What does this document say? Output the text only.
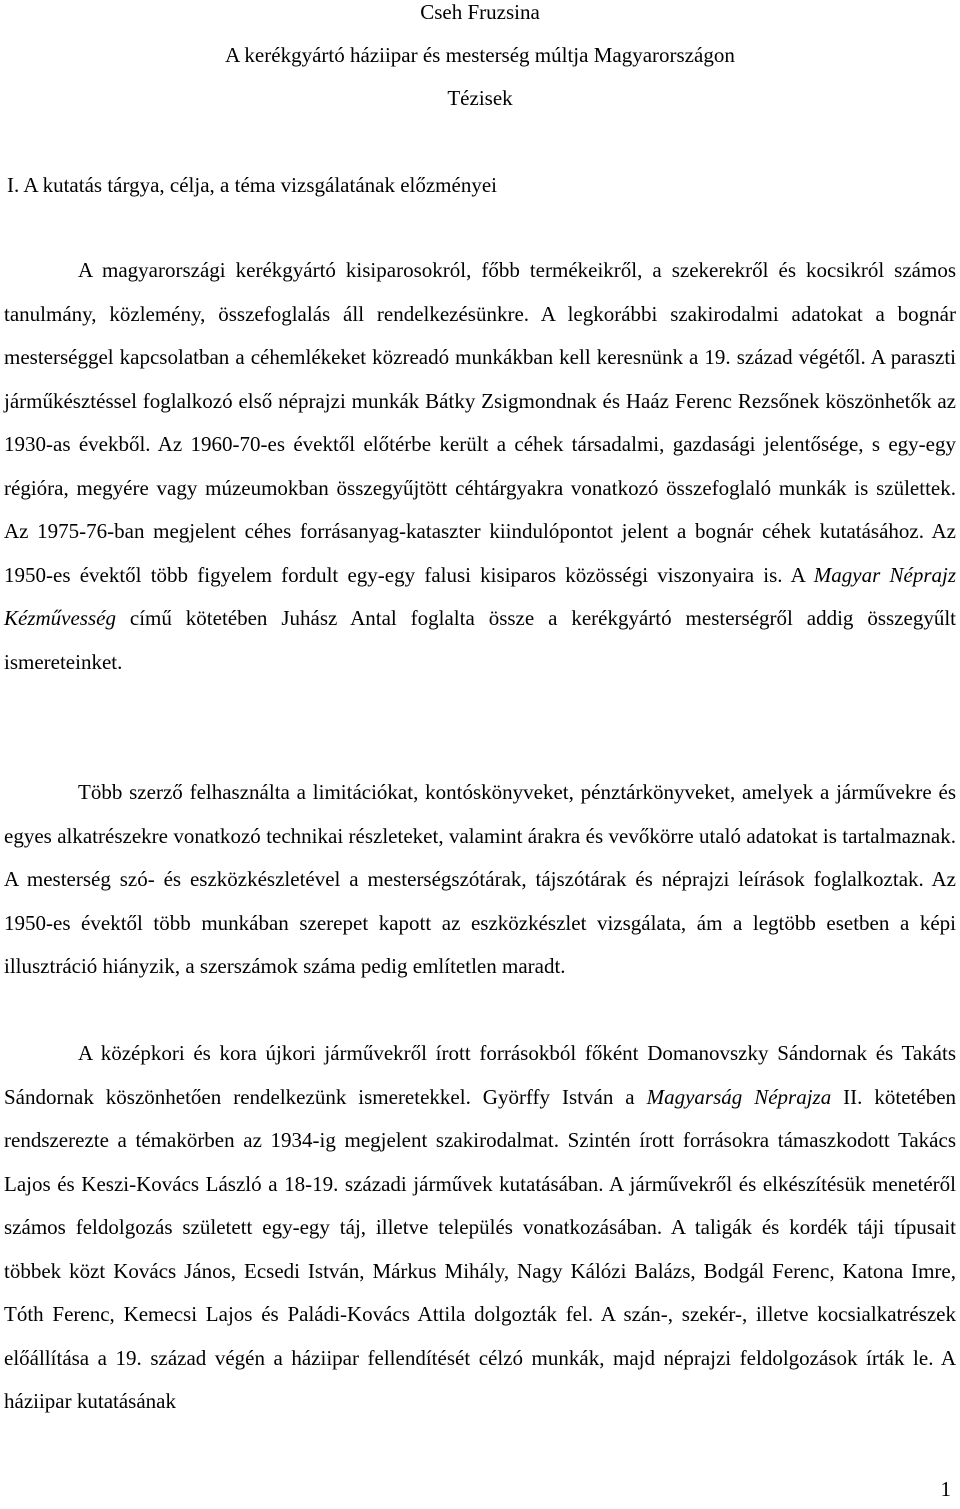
Cseh Fruzsina
A kerékgyártó háziipar és mesterség múltja Magyarországon
Tézisek
I. A kutatás tárgya, célja, a téma vizsgálatának előzményei

A magyarországi kerékgyártó kisiparosokról, főbb termékeikről, a szekerekről és kocsikról számos tanulmány, közlemény, összefoglalás áll rendelkezésünkre. A legkorábbi szakirodalmi adatokat a bognár mesterséggel kapcsolatban a céhemlékeket közreadó munkákban kell keresnünk a 19. század végétől. A paraszti járműkésztéssel foglalkozó első néprajzi munkák Bátky Zsigmondnak és Haáz Ferenc Rezsőnek köszönhetők az 1930-as évekből. Az 1960-70-es évektől előtérbe került a céhek társadalmi, gazdasági jelentősége, s egy-egy régióra, megyére vagy múzeumokban összegyűjtött céhtárgyakra vonatkozó összefoglaló munkák is születtek. Az 1975-76-ban megjelent céhes forrásanyag-kataszter kiindulópontot jelent a bognár céhek kutatásához. Az 1950-es évektől több figyelem fordult egy-egy falusi kisiparos közösségi viszonyaira is. A Magyar Néprajz Kézművesség című kötetében Juhász Antal foglalta össze a kerékgyártó mesterségről addig összegyűlt ismereteinket.

Több szerző felhasználta a limitációkat, kontóskönyveket, pénztárkönyveket, amelyek a járművekre és egyes alkatrészekre vonatkozó technikai részleteket, valamint árakra és vevőkörre utaló adatokat is tartalmaznak. A mesterség szó- és eszközkészletével a mesterségszótárak, tájszótárak és néprajzi leírások foglalkoztak. Az 1950-es évektől több munkában szerepet kapott az eszközkészlet vizsgálata, ám a legtöbb esetben a képi illusztráció hiányzik, a szerszámok száma pedig említetlen maradt.

A középkori és kora újkori járművekről írott forrásokból főként Domanovszky Sándornak és Takáts Sándornak köszönhetően rendelkezünk ismeretekkel. Györffy István a Magyarság Néprajza II. kötetében rendszerezte a témakörben az 1934-ig megjelent szakirodalmat. Szintén írott forrásokra támaszkodott Takács Lajos és Keszi-Kovács László a 18-19. századi járművek kutatásában. A járművekről és elkészítésük menetéről számos feldolgozás született egy-egy táj, illetve település vonatkozásában. A taligák és kordék táji típusait többek közt Kovács János, Ecsedi István, Márkus Mihály, Nagy Kálózi Balázs, Bodgál Ferenc, Katona Imre, Tóth Ferenc, Kemecsi Lajos és Paládi-Kovács Attila dolgozták fel. A szán-, szekér-, illetve kocsialkatrészek előállítása a 19. század végén a háziipar fellendítését célzó munkák, majd néprajzi feldolgozások írták le. A háziipar kutatásának

1
